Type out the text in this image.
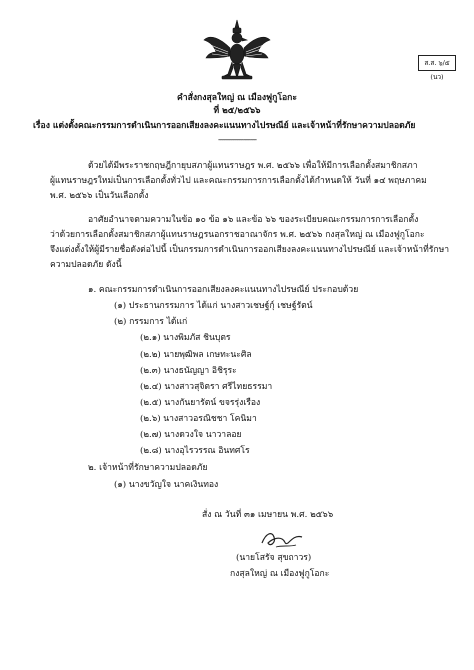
ส.ส. ๖/๕ (นว)
คำสั่งกงสุลใหญ่ ณ เมืองฟูกูโอกะ
ที่ ๒๕/๒๕๖๖
เรื่อง แต่งตั้งคณะกรรมการดำเนินการออกเสียงลงคะแนนทางไปรษณีย์ และเจ้าหน้าที่รักษาความปลอดภัย
--------------------
ด้วยได้มีพระราชกฤษฎีกายุบสภาผู้แทนราษฎร พ.ศ. ๒๕๖๖ เพื่อให้มีการเลือกตั้งสมาชิกสภา
ผู้แทนราษฎรใหม่เป็นการเลือกตั้งทั่วไป และคณะกรรมการการเลือกตั้งได้กำหนดให้ วันที่ ๑๔ พฤษภาคม
พ.ศ. ๒๕๖๖ เป็นวันเลือกตั้ง
อาศัยอำนาจตามความในข้อ ๑๐ ข้อ ๑๖ และข้อ ๖๖ ของระเบียบคณะกรรมการการเลือกตั้ง
ว่าด้วยการเลือกตั้งสมาชิกสภาผู้แทนราษฎรนอกราชอาณาจักร พ.ศ. ๒๕๖๖ กงสุลใหญ่ ณ เมืองฟูกูโอกะ
จึงแต่งตั้งให้ผู้มีรายชื่อดังต่อไปนี้ เป็นกรรมการดำเนินการออกเสียงลงคะแนนทางไปรษณีย์ และเจ้าหน้าที่รักษา
ความปลอดภัย ดังนี้
๑. คณะกรรมการดำเนินการออกเสียงลงคะแนนทางไปรษณีย์ ประกอบด้วย
(๑) ประธานกรรมการ ได้แก่ นางสาวเชษฐ์กุ์ เชษฐ์รัตน์
(๒) กรรมการ ได้แก่
(๒.๑) นางพิมภัส ชินบุตร
(๒.๒) นายพุฒิพล เกษทะนะศิล
(๒.๓) นางธนัญญา อิชิรุระ
(๒.๔) นางสาวสุจิตรา ศรีไทยธรรมา
(๒.๕) นางกันยารัตน์ ขจรรุ่งเรือง
(๒.๖) นางสาวอรณิชชา โคนิมา
(๒.๗) นางดวงใจ นาวาลอย
(๒.๘) นางอุไรวรรณ อินทศโร
๒. เจ้าหน้าที่รักษาความปลอดภัย
(๑) นางขวัญใจ นาคเงินทอง
สั่ง ณ วันที่ ๓๑ เมษายน พ.ศ. ๒๕๖๖
(นายโสรัจ สุขถาวร)
กงสุลใหญ่ ณ เมืองฟูกูโอกะ
